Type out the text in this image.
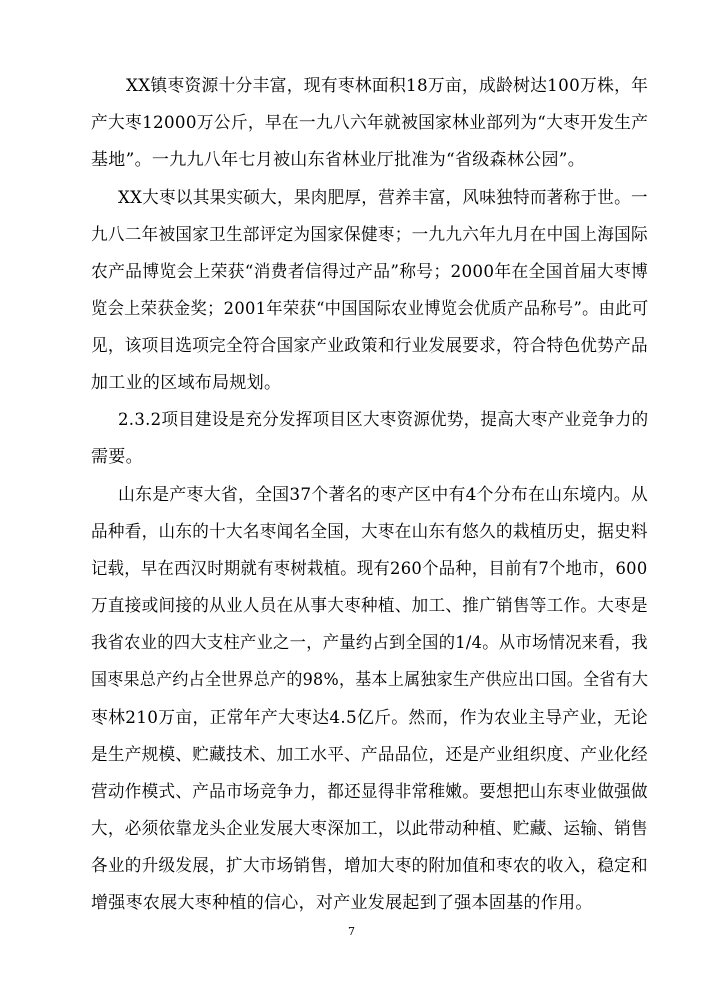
XX镇枣资源十分丰富，现有枣林面积18万亩，成龄树达100万株，年
产大枣12000万公斤，早在一九八六年就被国家林业部列为“大枣开发生产
基地”。一九九八年七月被山东省林业厅批准为“省级森林公园”。
XX大枣以其果实硕大，果肉肥厚，营养丰富，风味独特而著称于世。一
九八二年被国家卫生部评定为国家保健枣；一九九六年九月在中国上海国际
农产品博览会上荣获“消费者信得过产品”称号；2000年在全国首届大枣博
览会上荣获金奖；2001年荣获“中国国际农业博览会优质产品称号”。由此可
见，该项目选项完全符合国家产业政策和行业发展要求，符合特色优势产品
加工业的区域布局规划。
2.3.2项目建设是充分发挥项目区大枣资源优势，提高大枣产业竞争力的
需要。
山东是产枣大省，全国37个著名的枣产区中有4个分布在山东境内。从
品种看，山东的十大名枣闻名全国，大枣在山东有悠久的栽植历史，据史料
记载，早在西汉时期就有枣树栽植。现有260个品种，目前有7个地市，600
万直接或间接的从业人员在从事大枣种植、加工、推广销售等工作。大枣是
我省农业的四大支柱产业之一，产量约占到全国的1/4。从市场情况来看，我
国枣果总产约占全世界总产的98%，基本上属独家生产供应出口国。全省有大
枣林210万亩，正常年产大枣达4.5亿斤。然而，作为农业主导产业，无论
是生产规模、贮藏技术、加工水平、产品品位，还是产业组织度、产业化经
营动作模式、产品市场竞争力，都还显得非常稚嫩。要想把山东枣业做强做
大，必须依靠龙头企业发展大枣深加工，以此带动种植、贮藏、运输、销售
各业的升级发展，扩大市场销售，增加大枣的附加值和枣农的收入，稳定和
增强枣农展大枣种植的信心，对产业发展起到了强本固基的作用。
7
